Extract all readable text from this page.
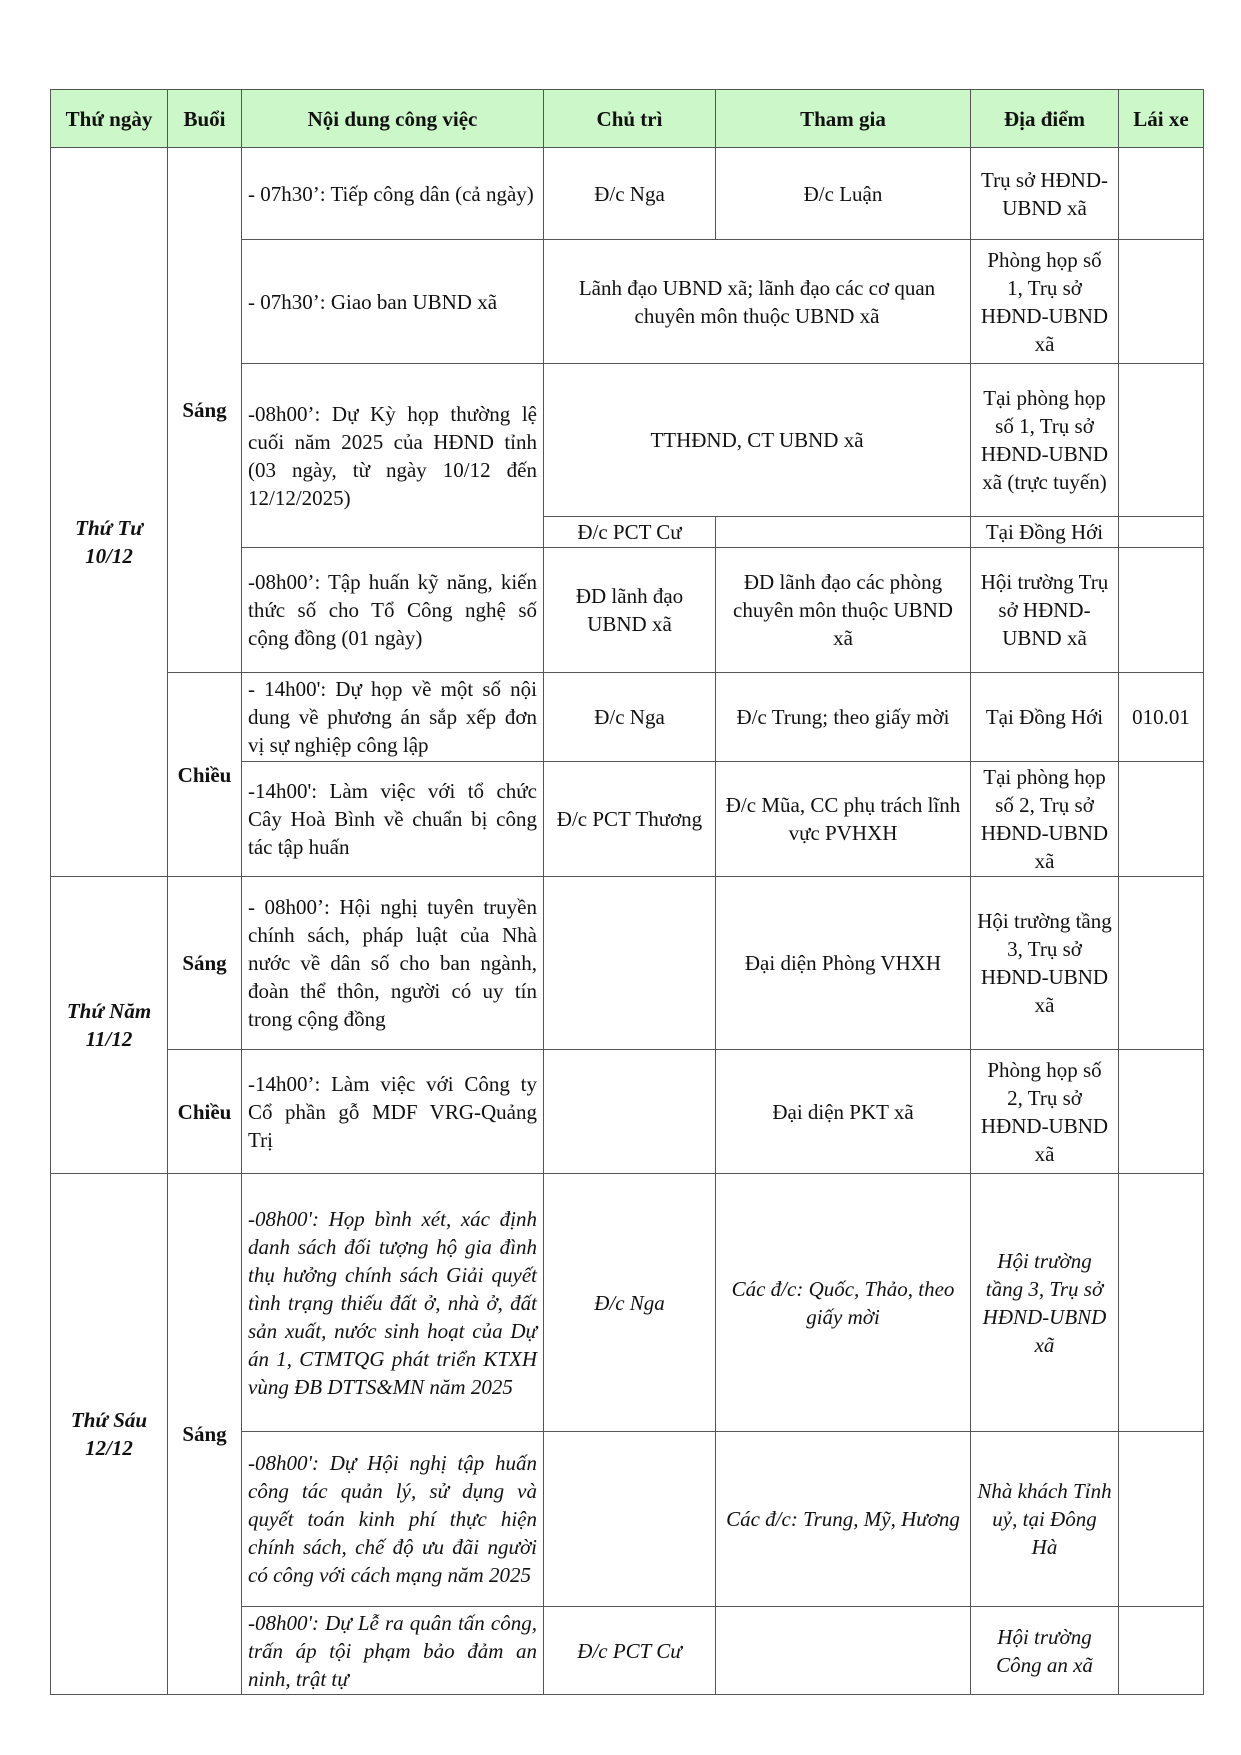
Thứ ngày	Buổi	Nội dung công việc	Chủ trì	Tham gia	Địa điểm	Lái xe
Thứ Tư 10/12	Sáng	- 07h30’: Tiếp công dân (cả ngày)	Đ/c Nga	Đ/c Luận	Trụ sở HĐND-UBND xã	
		- 07h30’: Giao ban UBND xã	Lãnh đạo UBND xã; lãnh đạo các cơ quan chuyên môn thuộc UBND xã		Phòng họp số 1, Trụ sở HĐND-UBND xã	
		-08h00’: Dự Kỳ họp thường lệ cuối năm 2025 của HĐND tỉnh (03 ngày, từ ngày 10/12 đến 12/12/2025)	TTHĐND, CT UBND xã		Tại phòng họp số 1, Trụ sở HĐND-UBND xã (trực tuyến)	
			Đ/c PCT Cư		Tại Đồng Hới	
		-08h00’: Tập huấn kỹ năng, kiến thức số cho Tổ Công nghệ số cộng đồng (01 ngày)	ĐD lãnh đạo UBND xã	ĐD lãnh đạo các phòng chuyên môn thuộc UBND xã	Hội trường Trụ sở HĐND-UBND xã	
	Chiều	- 14h00': Dự họp về một số nội dung về phương án sắp xếp đơn vị sự nghiệp công lập	Đ/c Nga	Đ/c Trung; theo giấy mời	Tại Đồng Hới	010.01
		-14h00': Làm việc với tổ chức Cây Hoà Bình về chuẩn bị công tác tập huấn	Đ/c PCT Thương	Đ/c Mũa, CC phụ trách lĩnh vực PVHXH	Tại phòng họp số 2, Trụ sở HĐND-UBND xã	
Thứ Năm 11/12	Sáng	- 08h00’: Hội nghị tuyên truyền chính sách, pháp luật của Nhà nước về dân số cho ban ngành, đoàn thể thôn, người có uy tín trong cộng đồng		Đại diện Phòng VHXH	Hội trường tầng 3, Trụ sở HĐND-UBND xã	
	Chiều	-14h00’: Làm việc với Công ty Cổ phần gỗ MDF VRG-Quảng Trị		Đại diện PKT xã	Phòng họp số 2, Trụ sở HĐND-UBND xã	
Thứ Sáu 12/12	Sáng	-08h00': Họp bình xét, xác định danh sách đối tượng hộ gia đình thụ hưởng chính sách Giải quyết tình trạng thiếu đất ở, nhà ở, đất sản xuất, nước sinh hoạt của Dự án 1, CTMTQG phát triển KTXH vùng ĐB DTTS&MN năm 2025	Đ/c Nga	Các đ/c: Quốc, Thảo, theo giấy mời	Hội trường tầng 3, Trụ sở HĐND-UBND xã	
		-08h00': Dự Hội nghị tập huấn công tác quản lý, sử dụng và quyết toán kinh phí thực hiện chính sách, chế độ ưu đãi người có công với cách mạng năm 2025		Các đ/c: Trung, Mỹ, Hương	Nhà khách Tỉnh uỷ, tại Đông Hà	
		-08h00': Dự Lễ ra quân tấn công, trấn áp tội phạm bảo đảm an ninh, trật tự	Đ/c PCT Cư		Hội trường Công an xã	
